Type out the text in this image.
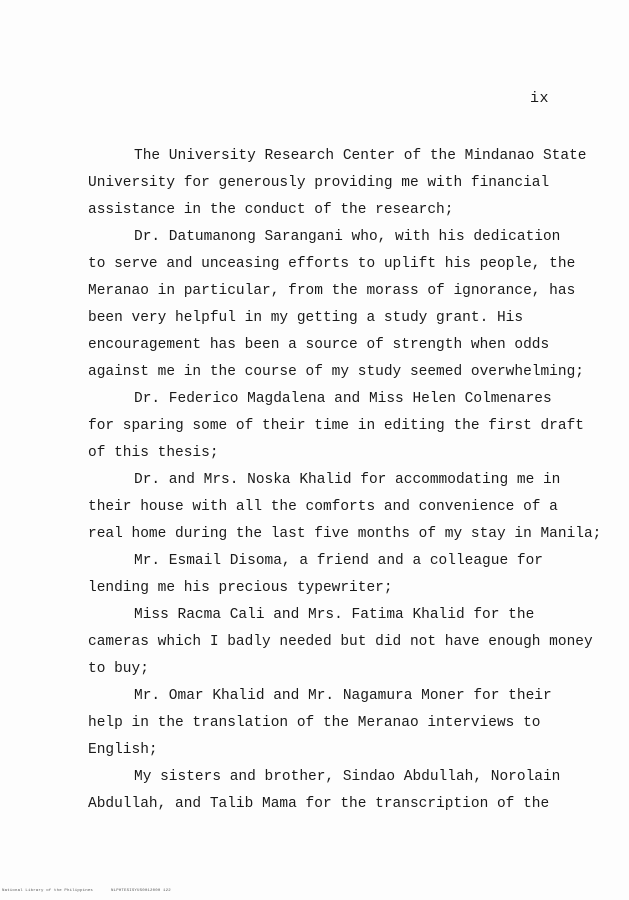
ix
The University Research Center of the Mindanao State
University for generously providing me with financial
assistance in the conduct of the research;
Dr. Datumanong Sarangani who, with his dedication
to serve and unceasing efforts to uplift his people, the
Meranao in particular, from the morass of ignorance, has
been very helpful in my getting a study grant. His
encouragement has been a source of strength when odds
against me in the course of my study seemed overwhelming;
Dr. Federico Magdalena and Miss Helen Colmenares
for sparing some of their time in editing the first draft
of this thesis;
Dr. and Mrs. Noska Khalid for accommodating me in
their house with all the comforts and convenience of a
real home during the last five months of my stay in Manila;
Mr. Esmail Disoma, a friend and a colleague for
lending me his precious typewriter;
Miss Racma Cali and Mrs. Fatima Khalid for the
cameras which I badly needed but did not have enough money
to buy;
Mr. Omar Khalid and Mr. Nagamura Moner for their
help in the translation of the Meranao interviews to
English;
My sisters and brother, Sindao Abdullah, Norolain
Abdullah, and Talib Mama for the transcription of the
National Library of the Philippines	NLPHTESISYUS0012000 122
